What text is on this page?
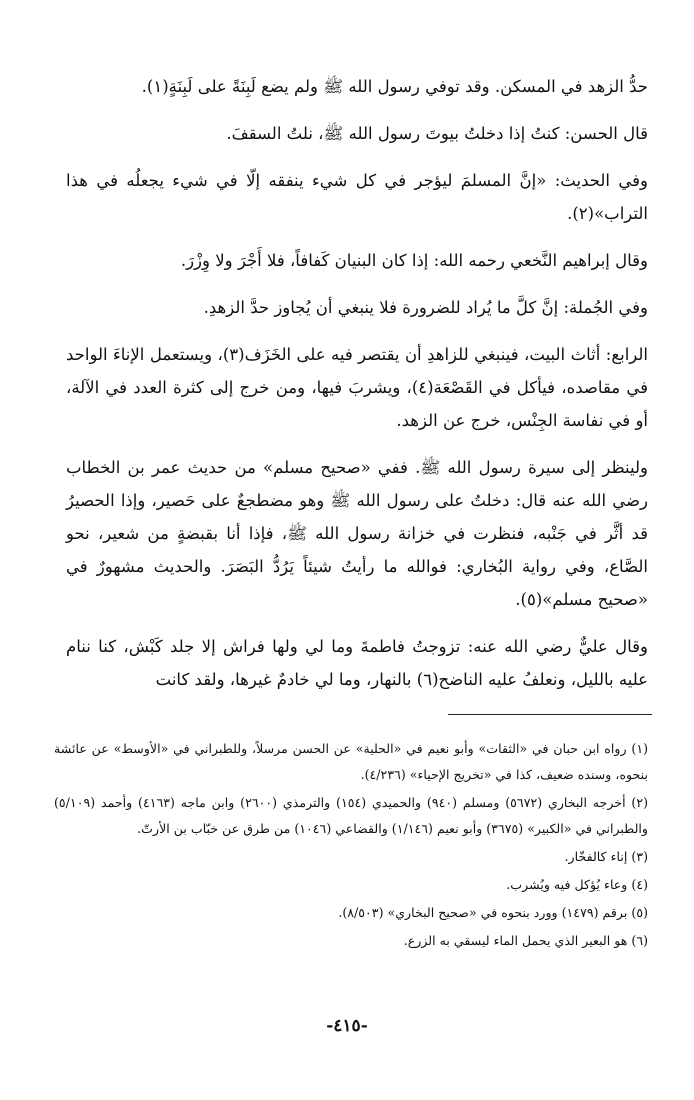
حدُّ الزهد في المسكن. وقد توفي رسول الله ﷺ ولم يضع لَبِنَةً على لَبِنَةٍ(١).

قال الحسن: كنتُ إذا دخلتُ بيوتَ رسول الله ﷺ، نلتُ السقفَ.

وفي الحديث: «إنَّ المسلمَ ليؤجر في كل شيء ينفقه إلّا في شيء يجعلُه في هذا التراب»(٢).

وقال إبراهيم النَّخعي رحمه الله: إذا كان البنيان كَفافاً، فلا أَجْرَ ولا وِزْرَ.

وفي الجُملة: إنَّ كلَّ ما يُراد للضرورة فلا ينبغي أن يُجاوز حدَّ الزهدِ.

الرابع: أثاث البيت، فينبغي للزاهدِ أن يقتصر فيه على الخَزَف(٣)، ويستعمل الإناءَ الواحد في مقاصده، فيأكل في القَصْعَة(٤)، ويشربَ فيها، ومن خرج إلى كثرة العدد في الآلة، أو في نفاسة الجِنْس، خرج عن الزهد.

ولينظر إلى سيرة رسول الله ﷺ. ففي «صحيح مسلم» من حديث عمر بن الخطاب رضي الله عنه قال: دخلتُ على رسول الله ﷺ وهو مضطجعٌ على حَصير، وإذا الحصيرُ قد أثَّر في جَنْبه، فنظرت في خزانة رسول الله ﷺ، فإذا أنا بقبضةٍ من شعير، نحو الصَّاع، وفي رواية البُخاري: فوالله ما رأيتُ شيئاً يَرُدُّ البَصَرَ. والحديث مشهورٌ في «صحيح مسلم»(٥).

وقال عليٌّ رضي الله عنه: تزوجتُ فاطمةَ وما لي ولها فراش إلا جلد كَبْش، كنا ننام عليه بالليل، ونعلفُ عليه الناضح(٦) بالنهار، وما لي خادمٌ غيرها، ولقد كانت

(١) رواه ابن حبان في «الثقات» وأبو نعيم في «الحلية» عن الحسن مرسلاً، وللطبراني في «الأوسط» عن عائشة بنحوه، وسنده ضعيف، كذا في «تخريج الإحياء» (٤/٢٣٦).

(٢) أخرجه البخاري (٥٦٧٢) ومسلم (٩٤٠) والحميدي (١٥٤) والترمذي (٢٦٠٠) وابن ماجه (٤١٦٣) وأحمد (٥/١٠٩) والطبراني في «الكبير» (٣٦٧٥) وأبو نعيم (١/١٤٦) والقضاعي (١٠٤٦) من طرق عن خبّاب بن الأرتّ.

(٣) إناء كالفخّار.

(٤) وعاء يُؤكل فيه ويُشرب.

(٥) برقم (١٤٧٩) وورد بنحوه في «صحيح البخاري» (٨/٥٠٣).

(٦) هو البعير الذي يحمل الماء ليسقي به الزرع.

-٤١٥-
